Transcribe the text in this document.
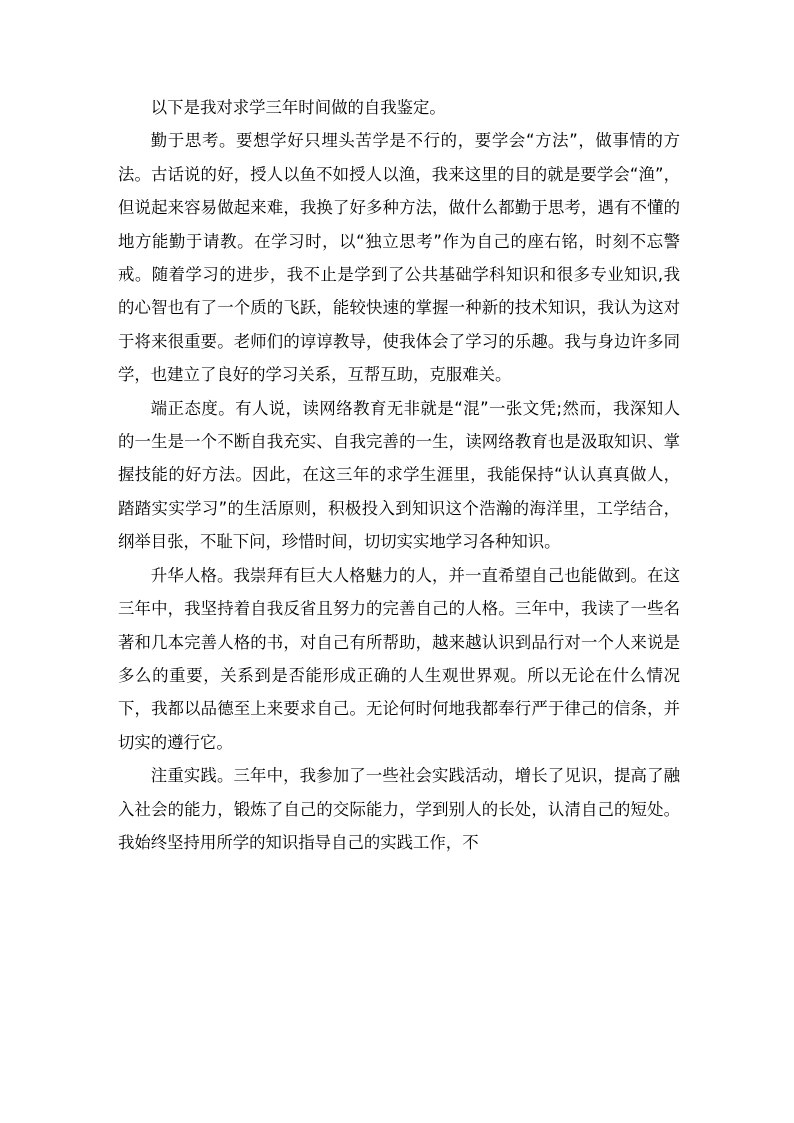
以下是我对求学三年时间做的自我鉴定。

勤于思考。要想学好只埋头苦学是不行的，要学会“方法”，做事情的方法。古话说的好，授人以鱼不如授人以渔，我来这里的目的就是要学会“渔”，但说起来容易做起来难，我换了好多种方法，做什么都勤于思考，遇有不懂的地方能勤于请教。在学习时，以“独立思考”作为自己的座右铭，时刻不忘警戒。随着学习的进步，我不止是学到了公共基础学科知识和很多专业知识,我的心智也有了一个质的飞跃，能较快速的掌握一种新的技术知识，我认为这对于将来很重要。老师们的谆谆教导，使我体会了学习的乐趣。我与身边许多同学，也建立了良好的学习关系，互帮互助，克服难关。

端正态度。有人说，读网络教育无非就是“混”一张文凭;然而，我深知人的一生是一个不断自我充实、自我完善的一生，读网络教育也是汲取知识、掌握技能的好方法。因此，在这三年的求学生涯里，我能保持“认认真真做人，踏踏实实学习”的生活原则，积极投入到知识这个浩瀚的海洋里，工学结合，纲举目张，不耻下问，珍惜时间，切切实实地学习各种知识。

升华人格。我崇拜有巨大人格魅力的人，并一直希望自己也能做到。在这三年中，我坚持着自我反省且努力的完善自己的人格。三年中，我读了一些名著和几本完善人格的书，对自己有所帮助，越来越认识到品行对一个人来说是多么的重要，关系到是否能形成正确的人生观世界观。所以无论在什么情况下，我都以品德至上来要求自己。无论何时何地我都奉行严于律己的信条，并切实的遵行它。

注重实践。三年中，我参加了一些社会实践活动，增长了见识，提高了融入社会的能力，锻炼了自己的交际能力，学到别人的长处，认清自己的短处。我始终坚持用所学的知识指导自己的实践工作，不
